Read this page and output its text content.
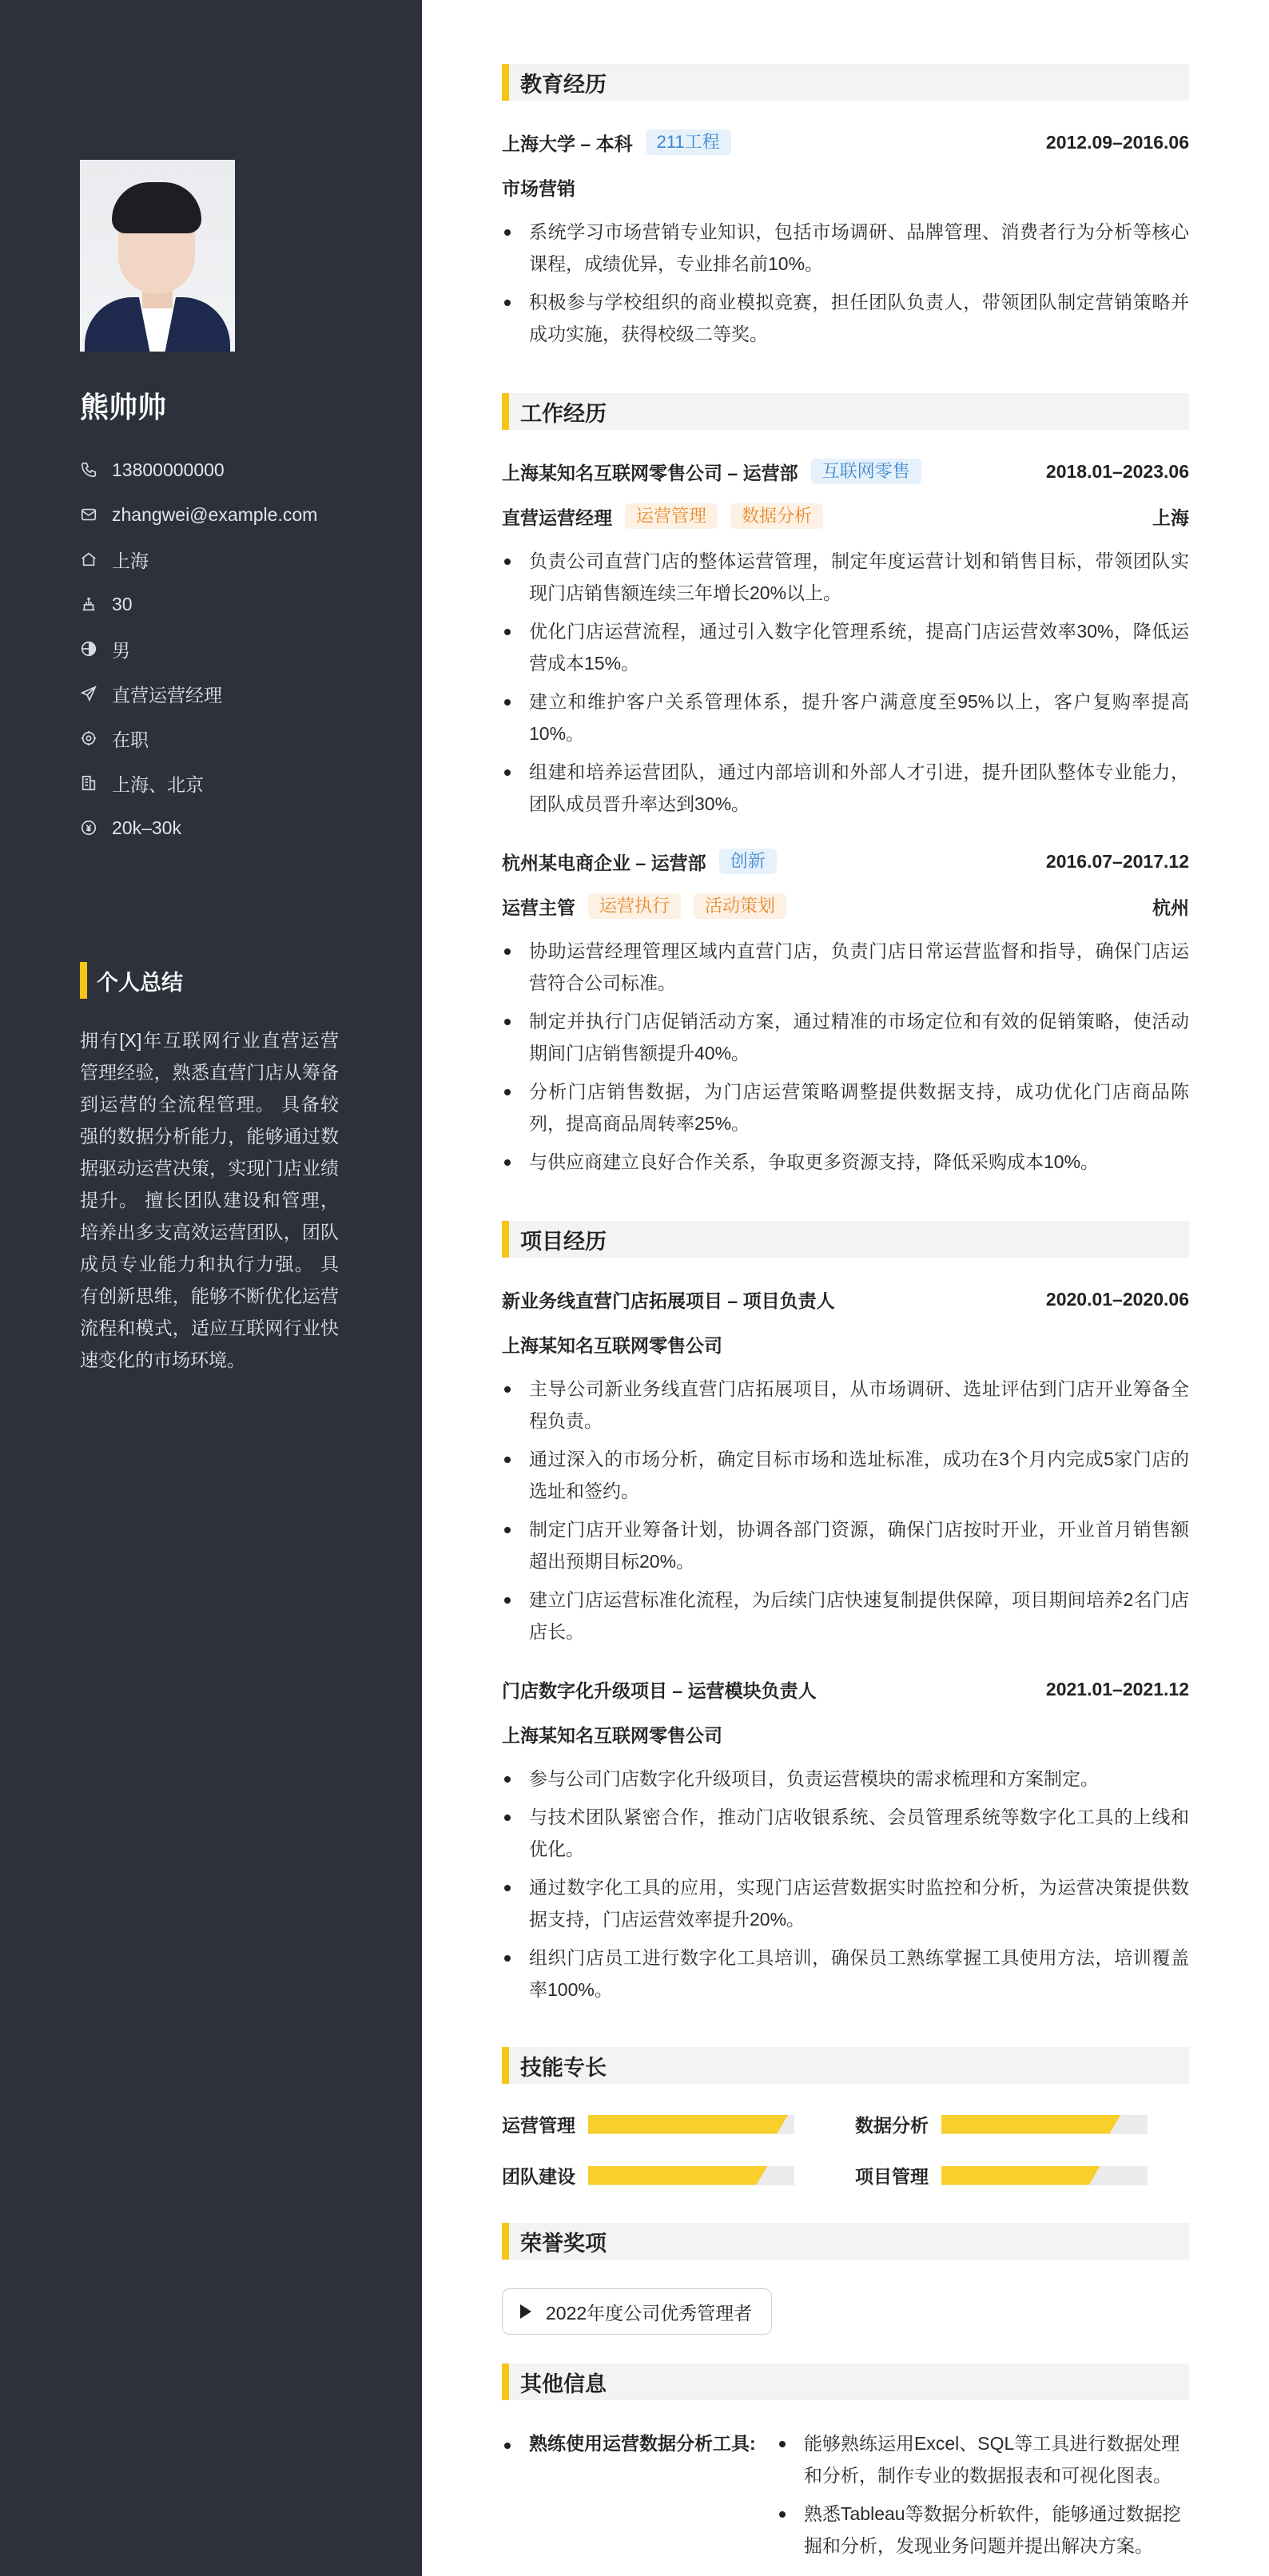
熊帅帅
13800000000
zhangwei@example.com
上海
30
男
直营运营经理
在职
上海、北京
20k–30k
个人总结
拥有[X]年互联网行业直营运营管理经验，熟悉直营门店从筹备到运营的全流程管理。 具备较强的数据分析能力，能够通过数据驱动运营决策，实现门店业绩提升。 擅长团队建设和管理，培养出多支高效运营团队，团队成员专业能力和执行力强。 具有创新思维，能够不断优化运营流程和模式，适应互联网行业快速变化的市场环境。
教育经历
上海大学 – 本科	211工程	2012.09–2016.06
市场营销
系统学习市场营销专业知识，包括市场调研、品牌管理、消费者行为分析等核心课程，成绩优异，专业排名前10%。
积极参与学校组织的商业模拟竞赛，担任团队负责人，带领团队制定营销策略并成功实施，获得校级二等奖。
工作经历
上海某知名互联网零售公司 – 运营部	互联网零售	2018.01–2023.06
直营运营经理	运营管理	数据分析	上海
负责公司直营门店的整体运营管理，制定年度运营计划和销售目标，带领团队实现门店销售额连续三年增长20%以上。
优化门店运营流程，通过引入数字化管理系统，提高门店运营效率30%，降低运营成本15%。
建立和维护客户关系管理体系，提升客户满意度至95%以上，客户复购率提高10%。
组建和培养运营团队，通过内部培训和外部人才引进，提升团队整体专业能力，团队成员晋升率达到30%。
杭州某电商企业 – 运营部	创新	2016.07–2017.12
运营主管	运营执行	活动策划	杭州
协助运营经理管理区域内直营门店，负责门店日常运营监督和指导，确保门店运营符合公司标准。
制定并执行门店促销活动方案，通过精准的市场定位和有效的促销策略，使活动期间门店销售额提升40%。
分析门店销售数据，为门店运营策略调整提供数据支持，成功优化门店商品陈列，提高商品周转率25%。
与供应商建立良好合作关系，争取更多资源支持，降低采购成本10%。
项目经历
新业务线直营门店拓展项目 – 项目负责人	2020.01–2020.06
上海某知名互联网零售公司
主导公司新业务线直营门店拓展项目，从市场调研、选址评估到门店开业筹备全程负责。
通过深入的市场分析，确定目标市场和选址标准，成功在3个月内完成5家门店的选址和签约。
制定门店开业筹备计划，协调各部门资源，确保门店按时开业，开业首月销售额超出预期目标20%。
建立门店运营标准化流程，为后续门店快速复制提供保障，项目期间培养2名门店店长。
门店数字化升级项目 – 运营模块负责人	2021.01–2021.12
上海某知名互联网零售公司
参与公司门店数字化升级项目，负责运营模块的需求梳理和方案制定。
与技术团队紧密合作，推动门店收银系统、会员管理系统等数字化工具的上线和优化。
通过数字化工具的应用，实现门店运营数据实时监控和分析，为运营决策提供数据支持，门店运营效率提升20%。
组织门店员工进行数字化工具培训，确保员工熟练掌握工具使用方法，培训覆盖率100%。
技能专长
运营管理	数据分析
团队建设	项目管理
荣誉奖项
2022年度公司优秀管理者
其他信息
熟练使用运营数据分析工具:	能够熟练运用Excel、SQL等工具进行数据处理和分析，制作专业的数据报表和可视化图表。
熟悉Tableau等数据分析软件，能够通过数据挖掘和分析，发现业务问题并提出解决方案。
